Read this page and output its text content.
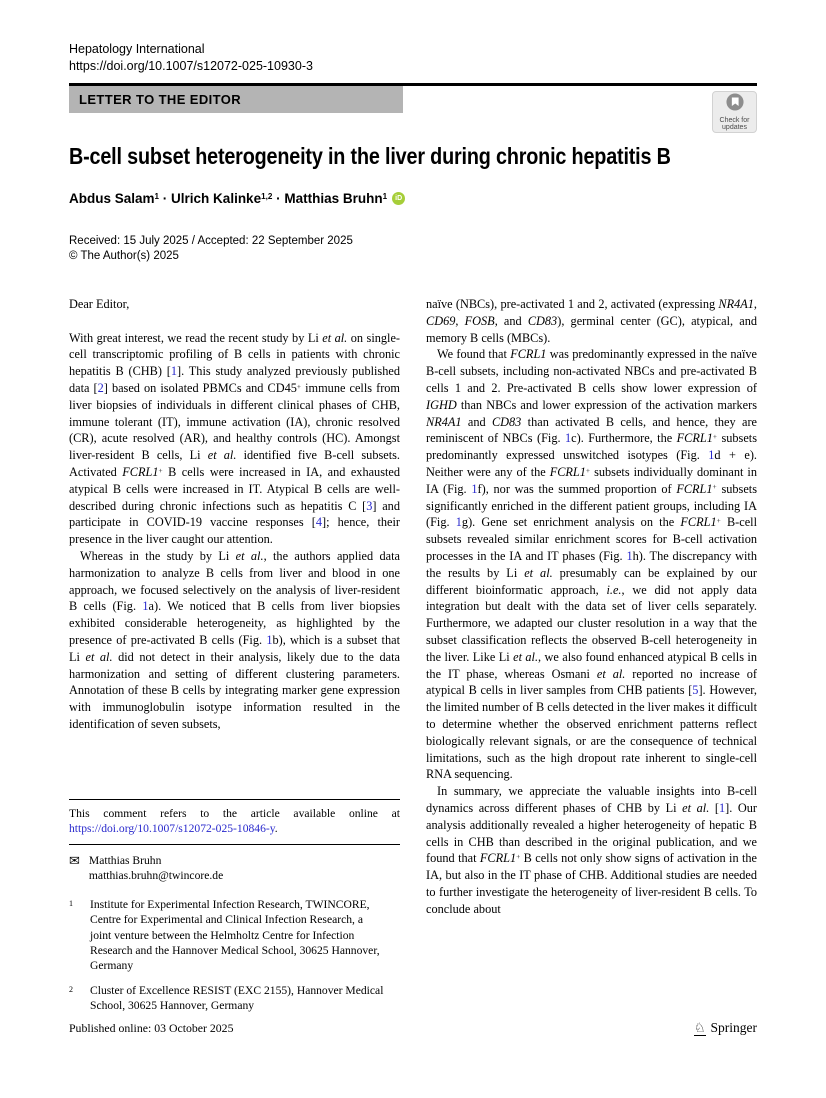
Hepatology International
https://doi.org/10.1007/s12072-025-10930-3
LETTER TO THE EDITOR
Check for
updates
B-cell subset heterogeneity in the liver during chronic hepatitis B
Abdus Salam$^1$ · Ulrich Kalinke$^{1,2}$ · Matthias Bruhn$^1$	iD
Received: 15 July 2025 / Accepted: 22 September 2025
© The Author(s) 2025

Dear Editor,

With great interest, we read the recent study by Li et al. on single-cell transcriptomic profiling of B cells in patients with chronic hepatitis B (CHB) [1]. This study analyzed previously published data [2] based on isolated PBMCs and CD45+ immune cells from liver biopsies of individuals in different clinical phases of CHB, immune tolerant (IT), immune activation (IA), chronic resolved (CR), acute resolved (AR), and healthy controls (HC). Amongst liver-resident B cells, Li et al. identified five B-cell subsets. Activated FCRL1+ B cells were increased in IA, and exhausted atypical B cells were increased in IT. Atypical B cells are well-described during chronic infections such as hepatitis C [3] and participate in COVID-19 vaccine responses [4]; hence, their presence in the liver caught our attention.

Whereas in the study by Li et al., the authors applied data harmonization to analyze B cells from liver and blood in one approach, we focused selectively on the analysis of liver-resident B cells (Fig. 1a). We noticed that B cells from liver biopsies exhibited considerable heterogeneity, as highlighted by the presence of pre-activated B cells (Fig. 1b), which is a subset that Li et al. did not detect in their analysis, likely due to the data harmonization and setting of different clustering parameters. Annotation of these B cells by integrating marker gene expression with immunoglobulin isotype information resulted in the identification of seven subsets,

naïve (NBCs), pre-activated 1 and 2, activated (expressing NR4A1, CD69, FOSB, and CD83), germinal center (GC), atypical, and memory B cells (MBCs).

We found that FCRL1 was predominantly expressed in the naïve B-cell subsets, including non-activated NBCs and pre-activated B cells 1 and 2. Pre-activated B cells show lower expression of IGHD than NBCs and lower expression of the activation markers NR4A1 and CD83 than activated B cells, and hence, they are reminiscent of NBCs (Fig. 1c). Furthermore, the FCRL1+ subsets predominantly expressed unswitched isotypes (Fig. 1d + e). Neither were any of the FCRL1+ subsets individually dominant in IA (Fig. 1f), nor was the summed proportion of FCRL1+ subsets significantly enriched in the different patient groups, including IA (Fig. 1g). Gene set enrichment analysis on the FCRL1+ B-cell subsets revealed similar enrichment scores for B-cell activation processes in the IA and IT phases (Fig. 1h). The discrepancy with the results by Li et al. presumably can be explained by our different bioinformatic approach, i.e., we did not apply data integration but dealt with the data set of liver cells separately. Furthermore, we adapted our cluster resolution in a way that the subset classification reflects the observed B-cell heterogeneity in the liver. Like Li et al., we also found enhanced atypical B cells in the IT phase, whereas Osmani et al. reported no increase of atypical B cells in liver samples from CHB patients [5]. However, the limited number of B cells detected in the liver makes it difficult to determine whether the observed enrichment patterns reflect biologically relevant signals, or are the consequence of technical limitations, such as the high dropout rate inherent to single-cell RNA sequencing.

In summary, we appreciate the valuable insights into B-cell dynamics across different phases of CHB by Li et al. [1]. Our analysis additionally revealed a higher heterogeneity of hepatic B cells in CHB than described in the original publication, and we found that FCRL1+ B cells not only show signs of activation in the IA, but also in the IT phase of CHB. Additional studies are needed to further investigate the heterogeneity of liver-resident B cells. To conclude about

This comment refers to the article available online at https://doi.org/10.1007/s12072-025-10846-y.

✉ Matthias Bruhn
matthias.bruhn@twincore.de
1	Institute for Experimental Infection Research, TWINCORE, Centre for Experimental and Clinical Infection Research, a joint venture between the Helmholtz Centre for Infection Research and the Hannover Medical School, 30625 Hannover, Germany
2	Cluster of Excellence RESIST (EXC 2155), Hannover Medical School, 30625 Hannover, Germany
Published online: 03 October 2025	♘ Springer
